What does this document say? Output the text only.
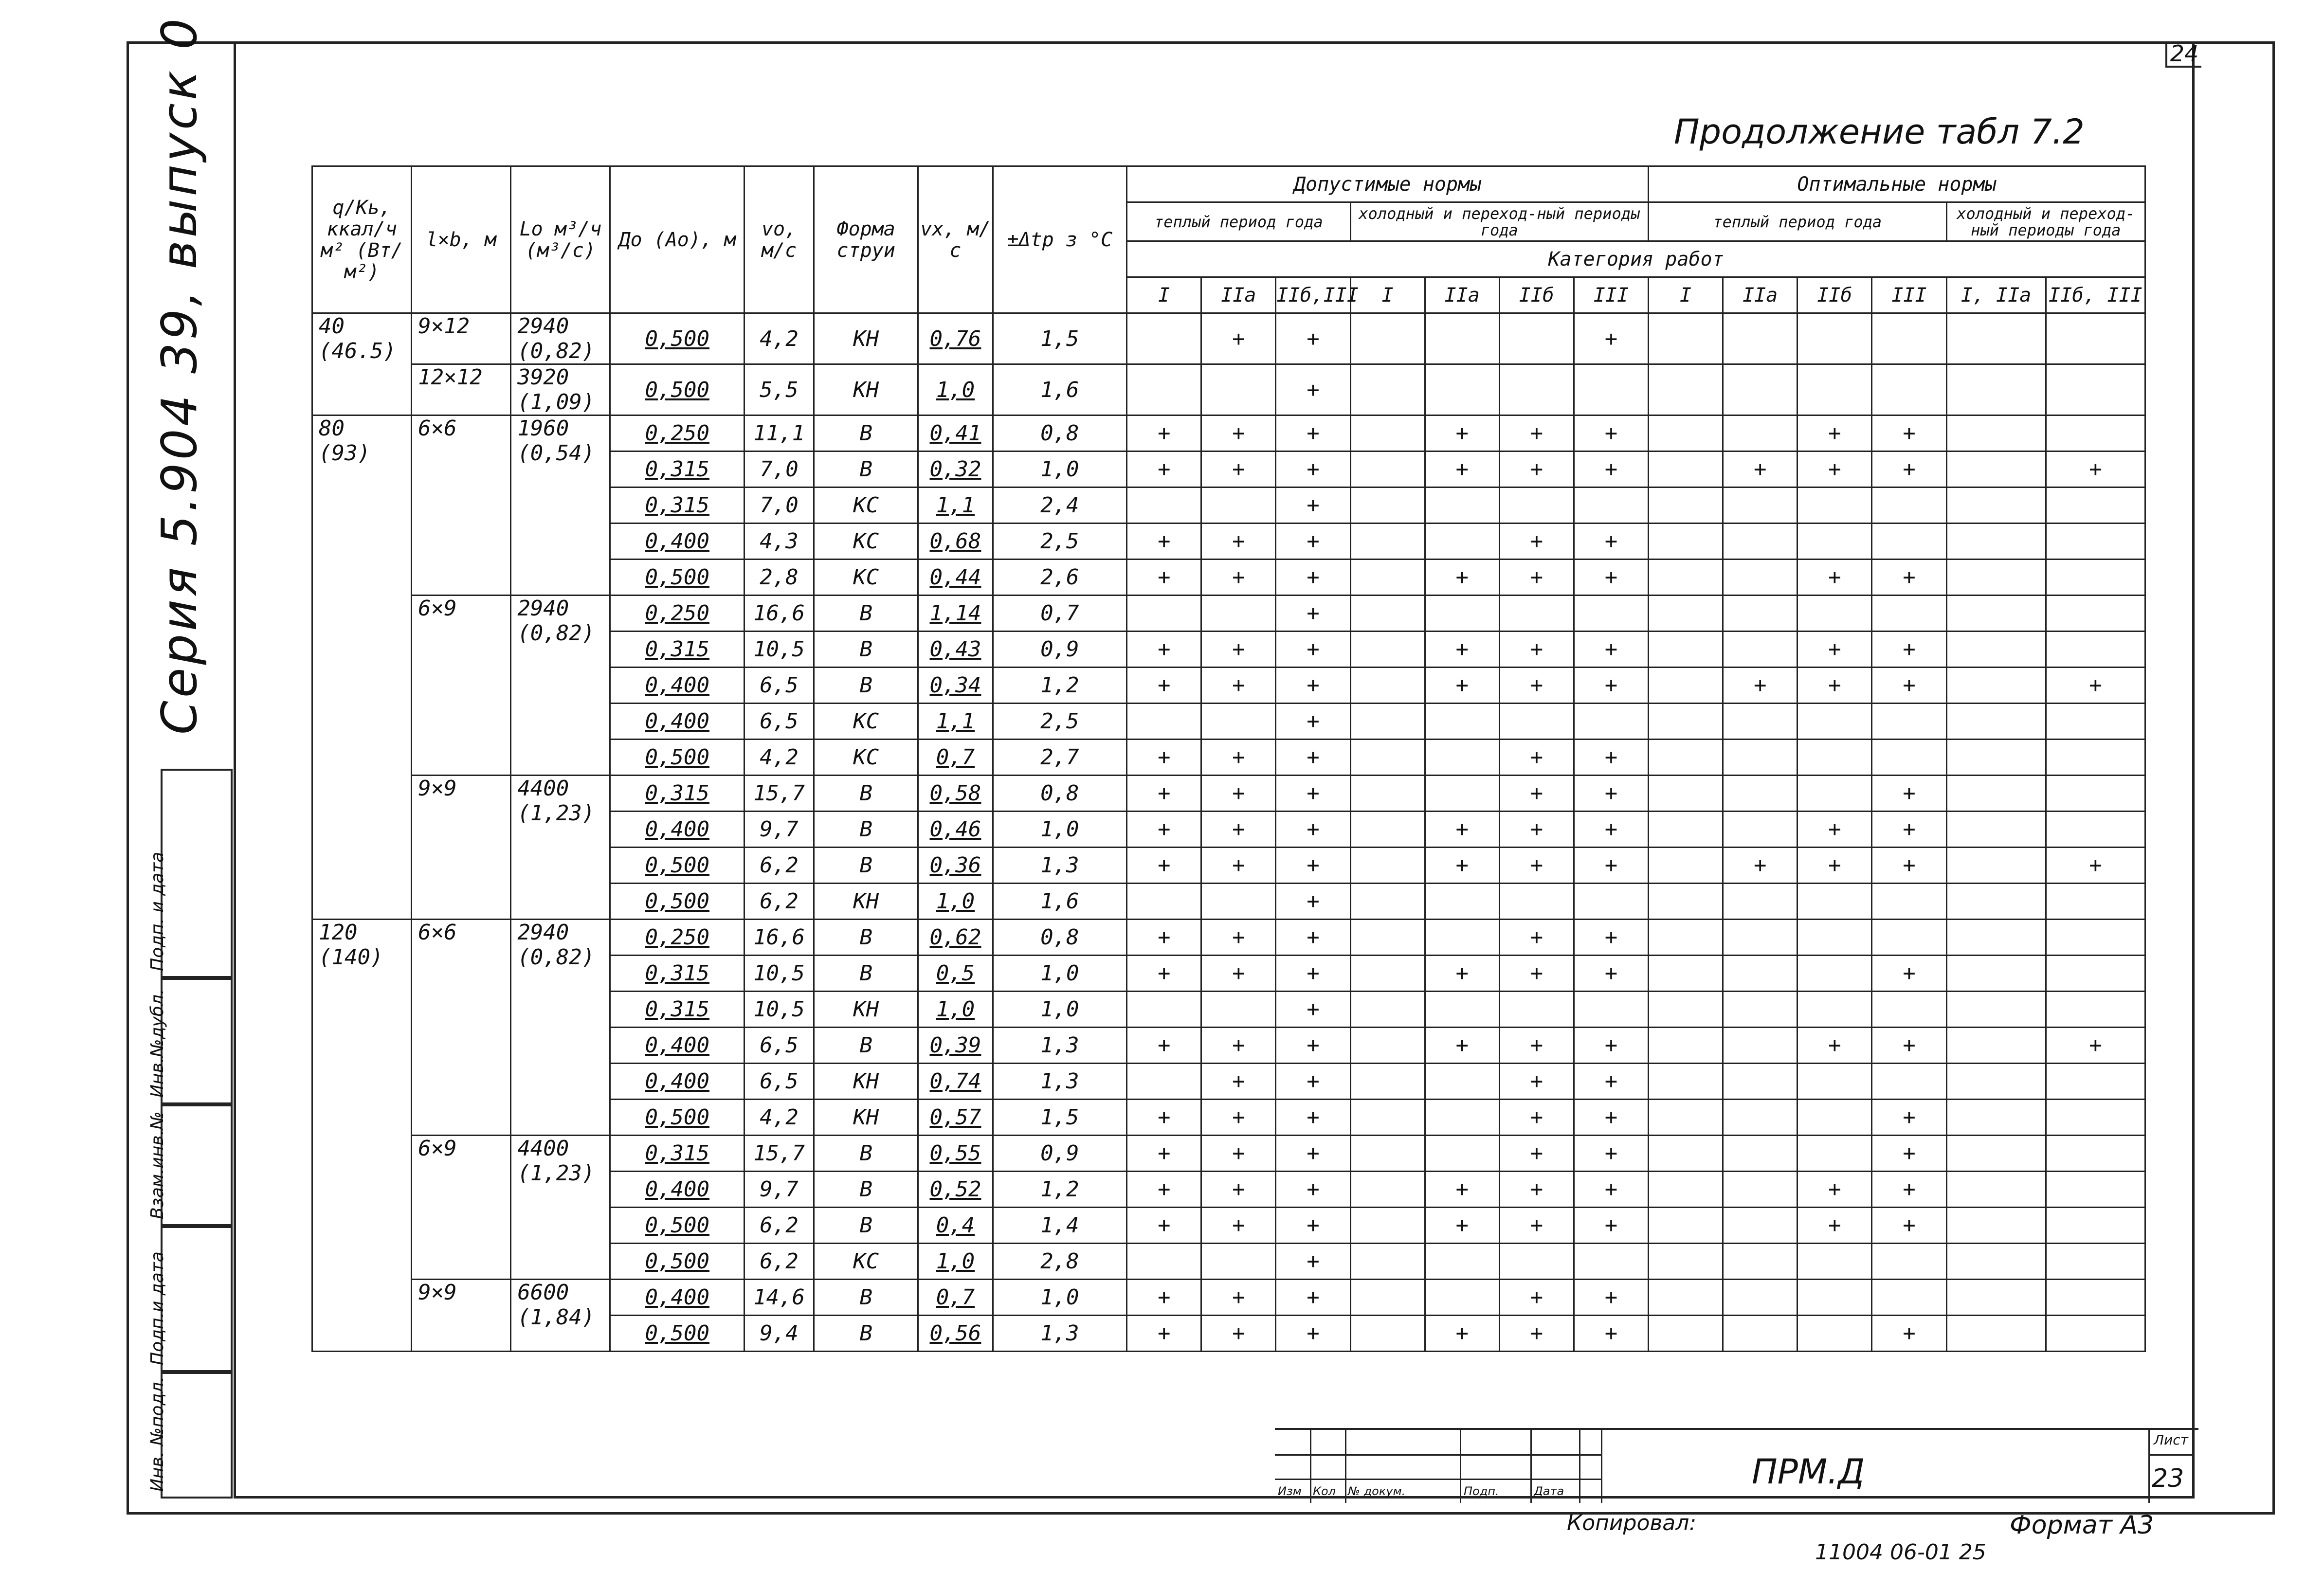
24
Серия 5.904 39, выпуск 0
Инв. №подл.
Подп.и дата
Взам.инв.№
Инв.№дубл.
Подп. и дата
Продолжение табл 7.2
q/Kь, ккал/ч м² (Вт/м²)	l×b, м	Lo м³/ч (м³/с)	До (Ао), м	vo, м/с	Форма струи	vx, м/с	±Δtр з °С	Допустимые нормы							Оптимальные нормы					
								теплый период года			холодный и переход-ный периоды года				теплый период года				холодный и переход-ный периоды года	
								Категория работ												
								I	IIa	IIб,III	I	IIa	IIб	III	I	IIa	IIб	III	I, IIa	IIб, III

40
(46.5)	9×12	2940 (0,82)	0,500	4,2	КН	0,76	1,5		+	+				+						
	12×12	3920 (1,09)	0,500	5,5	КН	1,0	1,6			+										

80
(93)	6×6	1960 (0,54)	0,250	11,1	В	0,41	0,8	+	+	+		+	+	+			+	+		
			0,315	7,0	В	0,32	1,0	+	+	+		+	+	+		+	+	+		+
			0,315	7,0	КС	1,1	2,4			+										
			0,400	4,3	КС	0,68	2,5	+	+	+			+	+						
			0,500	2,8	КС	0,44	2,6	+	+	+		+	+	+			+	+		
	6×9	2940 (0,82)	0,250	16,6	В	1,14	0,7			+										
			0,315	10,5	В	0,43	0,9	+	+	+		+	+	+			+	+		
			0,400	6,5	В	0,34	1,2	+	+	+		+	+	+		+	+	+		+
			0,400	6,5	КС	1,1	2,5			+										
			0,500	4,2	КС	0,7	2,7	+	+	+			+	+						
	9×9	4400 (1,23)	0,315	15,7	В	0,58	0,8	+	+	+			+	+				+		
			0,400	9,7	В	0,46	1,0	+	+	+		+	+	+			+	+		
			0,500	6,2	В	0,36	1,3	+	+	+		+	+	+		+	+	+		+
			0,500	6,2	КН	1,0	1,6			+										

120
(140)	6×6	2940 (0,82)	0,250	16,6	В	0,62	0,8	+	+	+			+	+						
			0,315	10,5	В	0,5	1,0	+	+	+		+	+	+				+		
			0,315	10,5	КН	1,0	1,0			+										
			0,400	6,5	В	0,39	1,3	+	+	+		+	+	+			+	+		+
			0,400	6,5	КН	0,74	1,3		+	+			+	+						
			0,500	4,2	КН	0,57	1,5	+	+	+			+	+				+		
	6×9	4400 (1,23)	0,315	15,7	В	0,55	0,9	+	+	+			+	+				+		
			0,400	9,7	В	0,52	1,2	+	+	+		+	+	+			+	+		
			0,500	6,2	В	0,4	1,4	+	+	+		+	+	+			+	+		
			0,500	6,2	КС	1,0	2,8			+										
	9×9	6600 (1,84)	0,400	14,6	В	0,7	1,0	+	+	+			+	+						
			0,500	9,4	В	0,56	1,3	+	+	+		+	+	+				+		
Изм Кол № докум.	Подп.	Дата	ПРМ.Д
Лист
23
Копировал:	Формат А3
11004 06-01 25
